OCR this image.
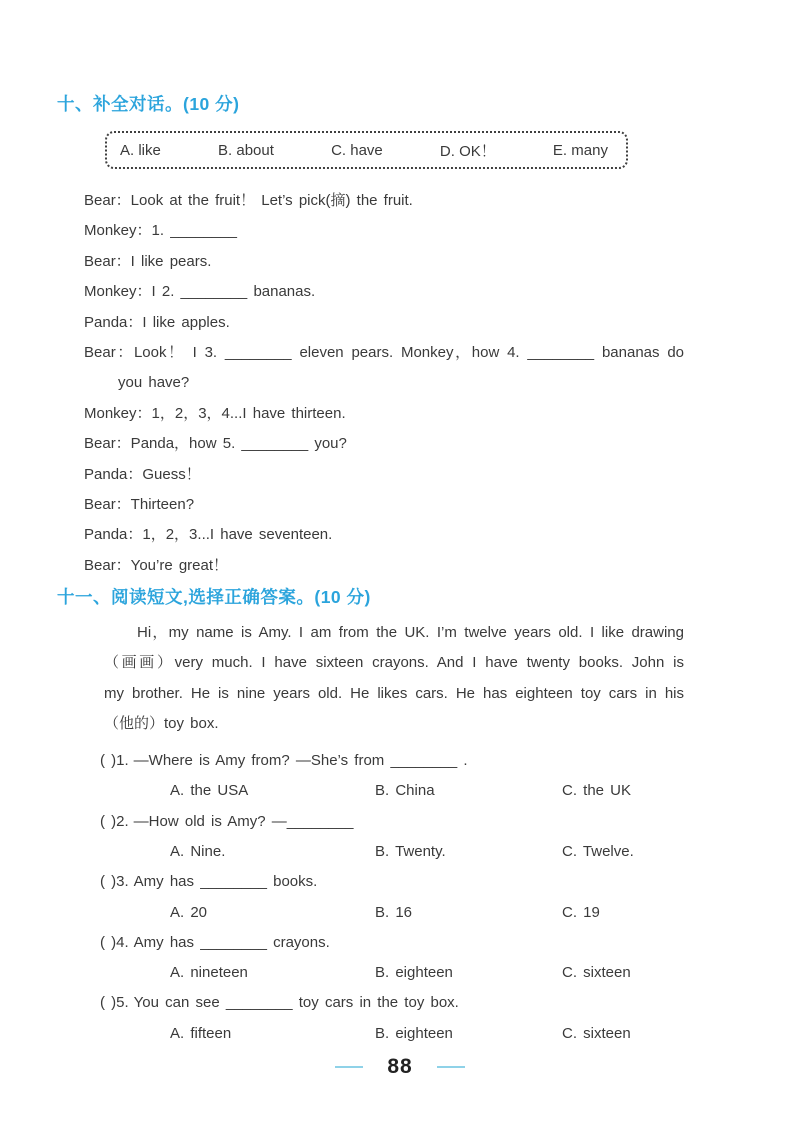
十、补全对话。(10 分)
A. like	B. about	C. have	D. OK！	E. many
Bear：Look at the fruit！ Let’s pick(摘) the fruit.
Monkey：1. ________
Bear：I like pears.
Monkey：I 2. ________ bananas.
Panda：I like apples.
Bear：Look！ I 3. ________ eleven pears. Monkey，how 4. ________ bananas do
you have?
Monkey：1，2，3，4...I have thirteen.
Bear：Panda，how 5. ________ you?
Panda：Guess！
Bear：Thirteen?
Panda：1，2，3...I have seventeen.
Bear：You’re great！
十一、阅读短文,选择正确答案。(10 分)
Hi，my name is Amy. I am from the UK. I’m twelve years old. I like drawing
（画画）very much. I have sixteen crayons. And I have twenty books. John is
my brother. He is nine years old. He likes cars. He has eighteen toy cars in his
（他的）toy box.
( )1. —Where is Amy from? —She’s from ________ .
A. the USA	B. China	C. the UK
( )2. —How old is Amy? —________
A. Nine.	B. Twenty.	C. Twelve.
( )3. Amy has ________ books.
A. 20	B. 16	C. 19
( )4. Amy has ________ crayons.
A. nineteen	B. eighteen	C. sixteen
( )5. You can see ________ toy cars in the toy box.
A. fifteen	B. eighteen	C. sixteen
88
